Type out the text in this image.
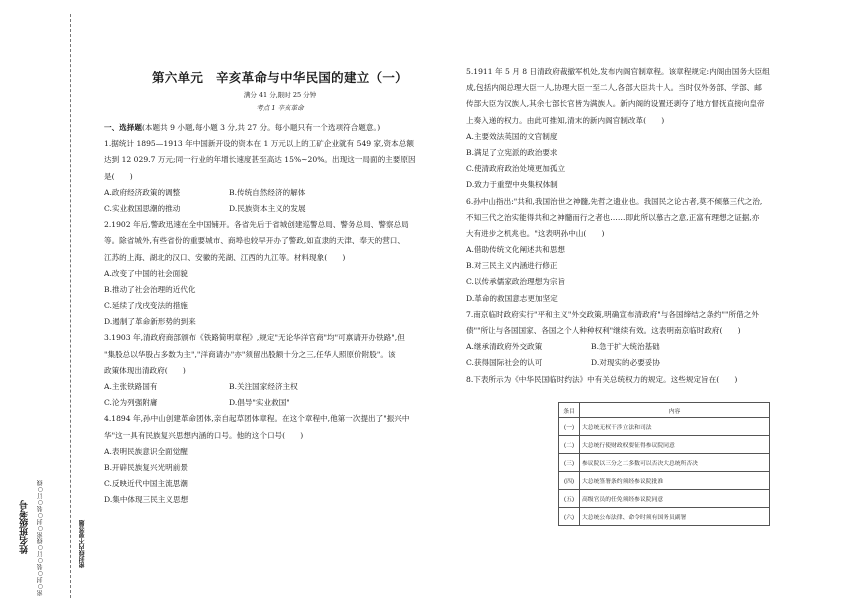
姓名班级考号 密○封○装○订○线密○封○装○订○线	密封线内不要答题
第六单元　辛亥革命与中华民国的建立（一）
满分 41 分,限时 25 分钟
考点 1 辛亥革命
一、选择题(本题共 9 小题,每小题 3 分,共 27 分。每小题只有一个选项符合题意。)
1.据统计 1895—1913 年中国新开设的资本在 1 万元以上的工矿企业就有 549 家,资本总额
达到 12 029.7 万元;同一行业的年增长速度甚至高达 15%~20%。出现这一局面的主要原因
是(　　)
A.政府经济政策的调整	B.传统自然经济的解体
C.实业救国思潮的推动	D.民族资本主义的发展
2.1902 年后,警政迅速在全中国铺开。各省先后于省城创建巡警总局、警务总局、警察总局
等。除省城外,有些省份的重要城市、商埠也较早开办了警政,如直隶的天津、奉天的营口、
江苏的上海、湖北的汉口、安徽的芜湖、江西的九江等。材料现象(　　)
A.改变了中国的社会面貌
B.推动了社会治理的近代化
C.延续了戊戌变法的措施
D.遏制了革命新形势的到来
3.1903 年,清政府商部颁布《铁路简明章程》,规定"无论华洋官商"均"可禀请开办铁路",但
"集股总以华股占多数为主","洋商请办"亦"须留出股额十分之三,任华人照原价附股"。该
政策体现出清政府(　　)
A.主张铁路国有	B.关注国家经济主权
C.沦为列强附庸	D.倡导"实业救国"
4.1894 年,孙中山创建革命团体,亲自起草团体章程。在这个章程中,他第一次提出了"振兴中
华"这一具有民族复兴思想内涵的口号。他的这个口号(　　)
A.表明民族意识全面觉醒
B.开辟民族复兴光明前景
C.反映近代中国主流思潮
D.集中体现三民主义思想
5.1911 年 5 月 8 日清政府裁撤军机处,发布内阁官制章程。该章程规定:内阁由国务大臣组
成,包括内阁总理大臣一人,协理大臣一至二人,各部大臣共十人。当时仅外务部、学部、邮
传部大臣为汉族人,其余七部长官皆为满族人。新内阁的设置还剥夺了地方督抚直接向皇帝
上奏入递的权力。由此可推知,清末的新内阁官制改革(　　)
A.主要效法英国的文官制度
B.满足了立宪派的政治要求
C.使清政府政治处境更加孤立
D.致力于重塑中央集权体制
6.孙中山指出:"共和,我国治世之神髓,先哲之遗业也。我国民之论古者,莫不倾慕三代之治,
不知三代之治实能得共和之神髓而行之者也……即此所以慕古之意,正富有理想之证据,亦
大有进步之机兆也。"这表明孙中山(　　)
A.借助传统文化阐述共和思想
B.对三民主义内涵进行修正
C.以传承儒家政治理想为宗旨
D.革命的救国意志更加坚定
7.南京临时政府实行"平和主义"外交政策,明确宣布清政府"与各国缔结之条约""所借之外
债""所让与各国国家、各国之个人种种权利"继续有效。这表明南京临时政府(　　)
A.继承清政府外交政策	B.急于扩大统治基础
C.获得国际社会的认可	D.对现实的必要妥协
8.下表所示为《中华民国临时约法》中有关总统权力的规定。这些规定旨在(　　)
条目	内容
(一)	大总统无权干涉立法和司法
(二)	大总统行使财政权要征得参议院同意
(三)	参议院以三分之二多数可以否决大总统所否决
(四)	大总统签署条约须经参议院批准
(五)	高级官员的任免须经参议院同意
(六)	大总统公布法律、命令时须有国务员副署
